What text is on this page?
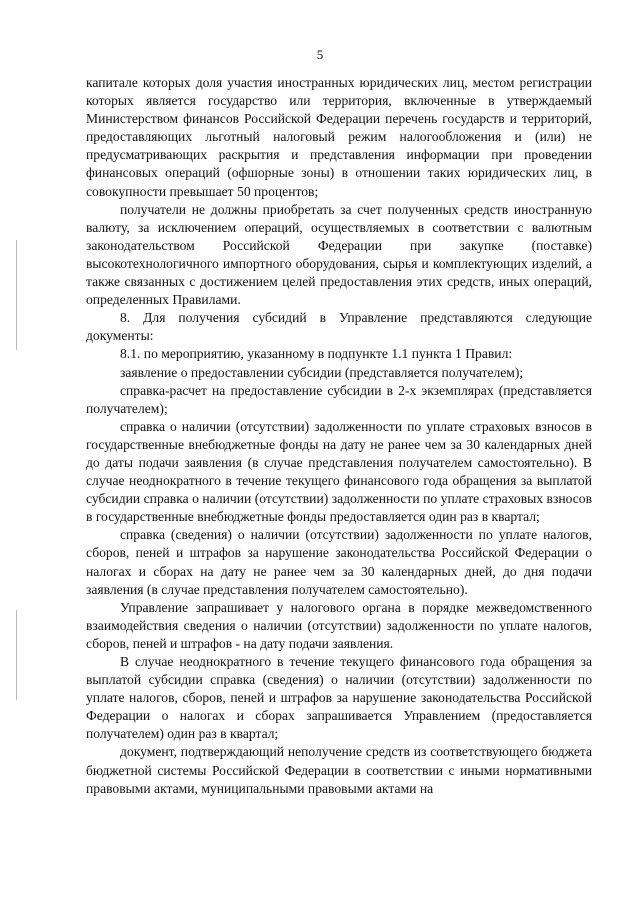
5

капитале которых доля участия иностранных юридических лиц, местом регистрации которых является государство или территория, включенные в утверждаемый Министерством финансов Российской Федерации перечень государств и территорий, предоставляющих льготный налоговый режим налогообложения и (или) не предусматривающих раскрытия и представления информации при проведении финансовых операций (офшорные зоны) в отношении таких юридических лиц, в совокупности превышает 50 процентов;

получатели не должны приобретать за счет полученных средств иностранную валюту, за исключением операций, осуществляемых в соответствии с валютным законодательством Российской Федерации при закупке (поставке) высокотехнологичного импортного оборудования, сырья и комплектующих изделий, а также связанных с достижением целей предоставления этих средств, иных операций, определенных Правилами.

8. Для получения субсидий в Управление представляются следующие документы:

8.1. по мероприятию, указанному в подпункте 1.1 пункта 1 Правил:

заявление о предоставлении субсидии (представляется получателем);

справка-расчет на предоставление субсидии в 2-х экземплярах (представляется получателем);

справка о наличии (отсутствии) задолженности по уплате страховых взносов в государственные внебюджетные фонды на дату не ранее чем за 30 календарных дней до даты подачи заявления (в случае представления получателем самостоятельно). В случае неоднократного в течение текущего финансового года обращения за выплатой субсидии справка о наличии (отсутствии) задолженности по уплате страховых взносов в государственные внебюджетные фонды предоставляется один раз в квартал;

справка (сведения) о наличии (отсутствии) задолженности по уплате налогов, сборов, пеней и штрафов за нарушение законодательства Российской Федерации о налогах и сборах на дату не ранее чем за 30 календарных дней, до дня подачи заявления (в случае представления получателем самостоятельно).

Управление запрашивает у налогового органа в порядке межведомственного взаимодействия сведения о наличии (отсутствии) задолженности по уплате налогов, сборов, пеней и штрафов - на дату подачи заявления.

В случае неоднократного в течение текущего финансового года обращения за выплатой субсидии справка (сведения) о наличии (отсутствии) задолженности по уплате налогов, сборов, пеней и штрафов за нарушение законодательства Российской Федерации о налогах и сборах запрашивается Управлением (предоставляется получателем) один раз в квартал;

документ, подтверждающий неполучение средств из соответствующего бюджета бюджетной системы Российской Федерации в соответствии с иными нормативными правовыми актами, муниципальными правовыми актами на
